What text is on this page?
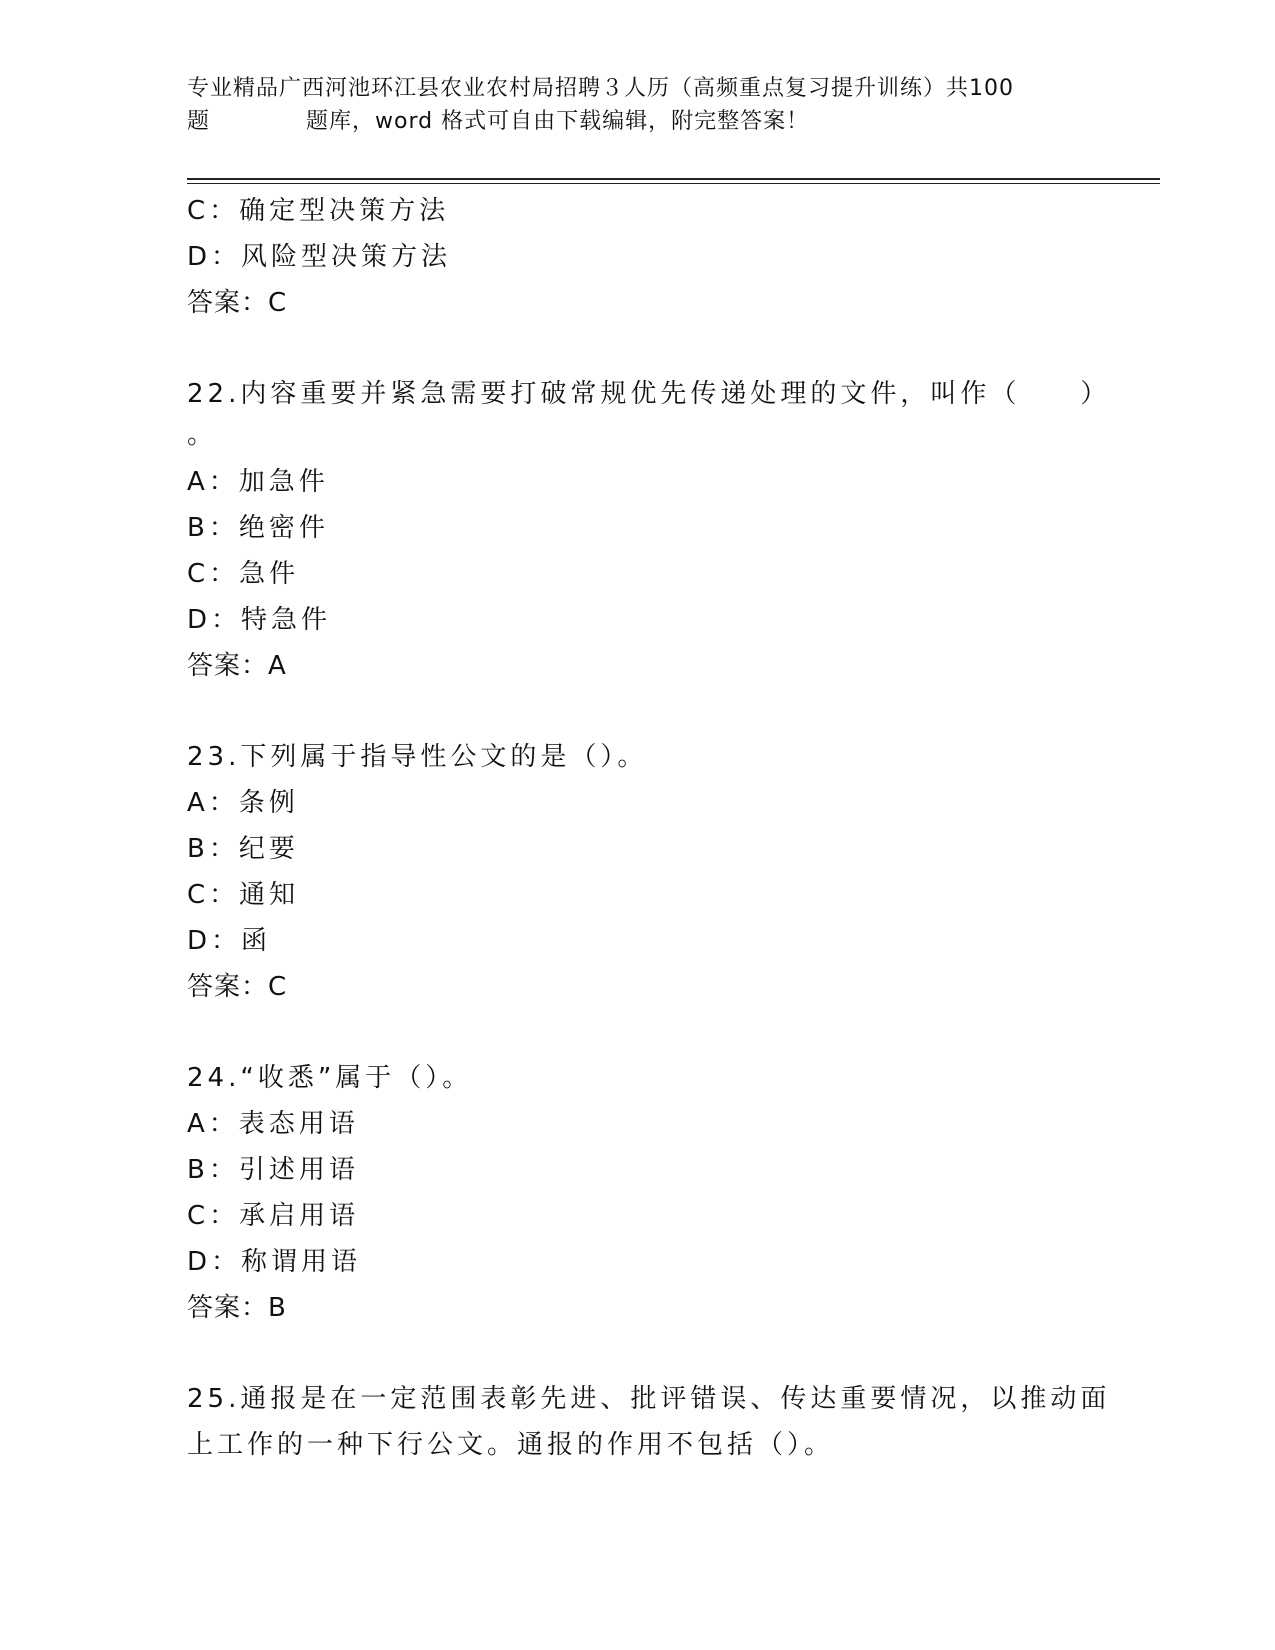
专业精品广西河池环江县农业农村局招聘３人历（高频重点复习提升训练）共100
题	题库，word 格式可自由下载编辑，附完整答案！
C：确定型决策方法
D：风险型决策方法
答案：C
22.内容重要并紧急需要打破常规优先传递处理的文件，叫作（　　）
。
A：加急件
B：绝密件
C：急件
D：特急件
答案：A
23.下列属于指导性公文的是（）。
A：条例
B：纪要
C：通知
D：函
答案：C
24.“收悉”属于（）。
A：表态用语
B：引述用语
C：承启用语
D：称谓用语
答案：B
25.通报是在一定范围表彰先进、批评错误、传达重要情况，以推动面
上工作的一种下行公文。通报的作用不包括（）。
